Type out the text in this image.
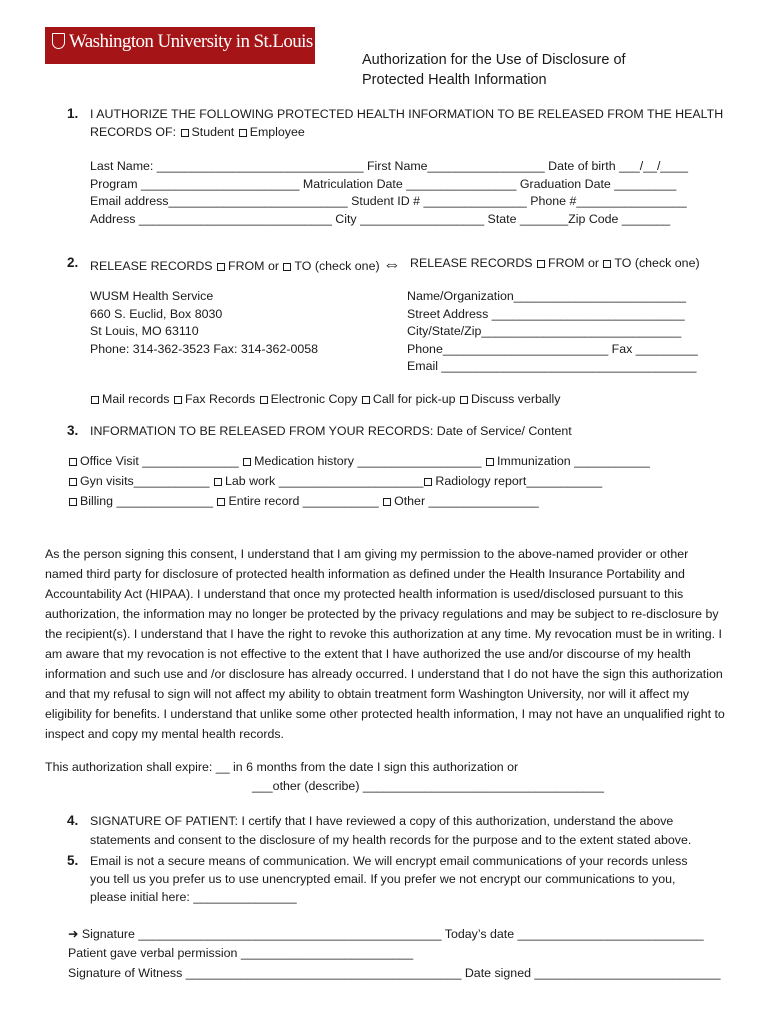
Washington University in St.Louis
Authorization for the Use of Disclosure of
Protected Health Information
1. I AUTHORIZE THE FOLLOWING PROTECTED HEALTH INFORMATION TO BE RELEASED FROM THE HEALTH
RECORDS OF: Student Employee
Last Name: ______________________________ First Name_________________ Date of birth ___/__/____
Program _______________________ Matriculation Date ________________ Graduation Date _________
Email address__________________________ Student ID # _______________ Phone #________________
Address ____________________________ City __________________ State _______Zip Code _______
2. RELEASE RECORDS FROM or TO (check one) ⇔ RELEASE RECORDS FROM or TO (check one)
WUSM Health Service
660 S. Euclid, Box 8030
St Louis, MO 63110
Phone: 314-362-3523 Fax: 314-362-0058
Name/Organization_________________________
Street Address ____________________________
City/State/Zip_____________________________
Phone________________________ Fax _________
Email _____________________________________
Mail records Fax Records Electronic Copy Call for pick-up Discuss verbally
3. INFORMATION TO BE RELEASED FROM YOUR RECORDS: Date of Service/ Content
Office Visit ______________ Medication history __________________ Immunization ___________
Gyn visits___________ Lab work _____________________ Radiology report___________
Billing ______________ Entire record ___________ Other ________________
As the person signing this consent, I understand that I am giving my permission to the above-named provider or other named third party for disclosure of protected health information as defined under the Health Insurance Portability and Accountability Act (HIPAA). I understand that once my protected health information is used/disclosed pursuant to this authorization, the information may no longer be protected by the privacy regulations and may be subject to re-disclosure by the recipient(s). I understand that I have the right to revoke this authorization at any time. My revocation must be in writing. I am aware that my revocation is not effective to the extent that I have authorized the use and/or discourse of my health information and such use and /or disclosure has already occurred. I understand that I do not have the sign this authorization and that my refusal to sign will not affect my ability to obtain treatment form Washington University, nor will it affect my eligibility for benefits. I understand that unlike some other protected health information, I may not have an unqualified right to inspect and copy my mental health records.
This authorization shall expire: __ in 6 months from the date I sign this authorization or
___other (describe) ___________________________________
4. SIGNATURE OF PATIENT: I certify that I have reviewed a copy of this authorization, understand the above
statements and consent to the disclosure of my health records for the purpose and to the extent stated above.
5. Email is not a secure means of communication. We will encrypt email communications of your records unless
you tell us you prefer us to use unencrypted email. If you prefer we not encrypt our communications to you,
please initial here: _______________
➜ Signature ____________________________________________ Today’s date ___________________________
Patient gave verbal permission _________________________
Signature of Witness ________________________________________ Date signed ___________________________
